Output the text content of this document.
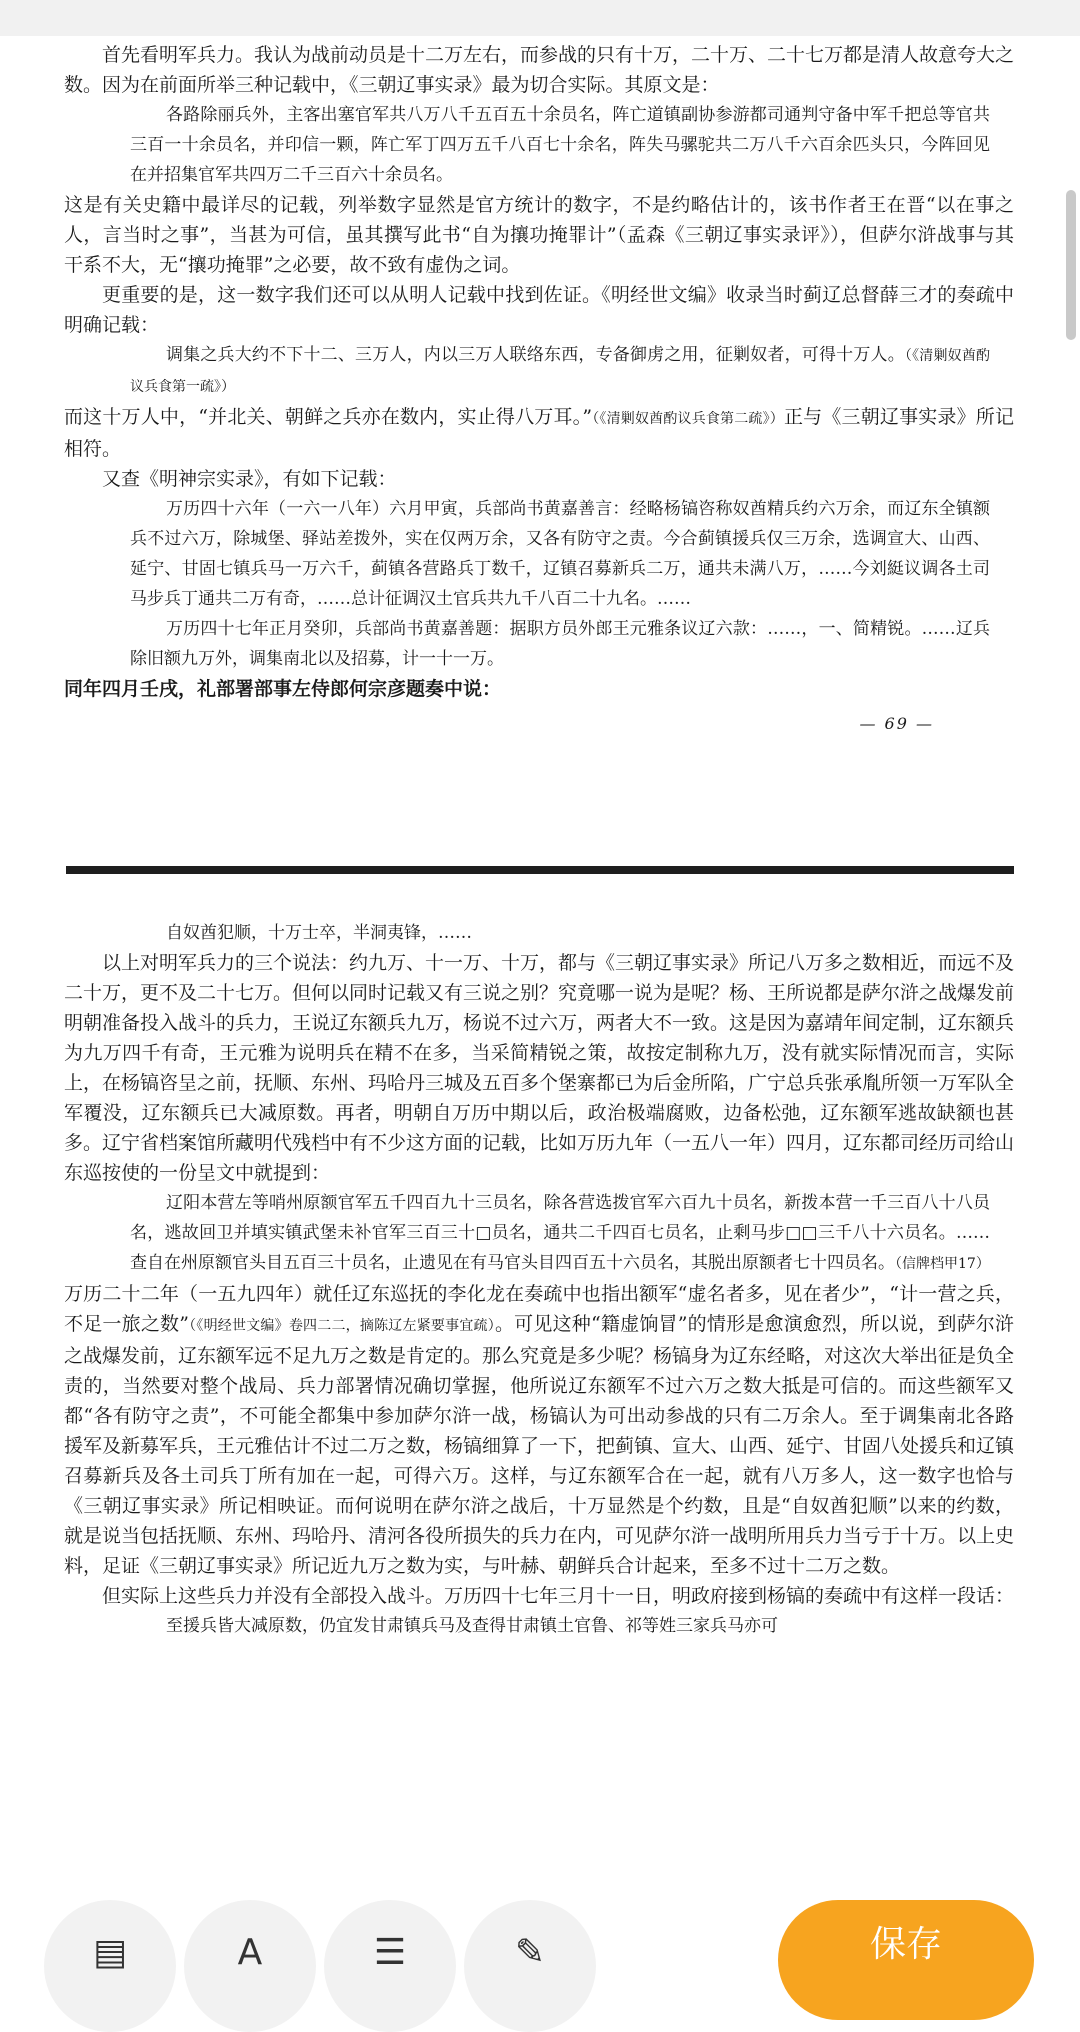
首先看明军兵力。我认为战前动员是十二万左右，而参战的只有十万，二十万、二十七万都是清人故意夸大之数。因为在前面所举三种记载中，《三朝辽事实录》最为切合实际。其原文是：

各路除丽兵外，主客出塞官军共八万八千五百五十余员名，阵亡道镇副协参游都司通判守备中军千把总等官共三百一十余员名，并印信一颗，阵亡军丁四万五千八百七十余名，阵失马骡驼共二万八千六百余匹头只，今阵回见在并招集官军共四万二千三百六十余员名。

这是有关史籍中最详尽的记载，列举数字显然是官方统计的数字，不是约略估计的，该书作者王在晋“以在事之人，言当时之事”，当甚为可信，虽其撰写此书“自为攘功掩罪计”（孟森《三朝辽事实录评》），但萨尔浒战事与其干系不大，无“攘功掩罪”之必要，故不致有虚伪之词。

更重要的是，这一数字我们还可以从明人记载中找到佐证。《明经世文编》收录当时蓟辽总督薛三才的奏疏中明确记载：

调集之兵大约不下十二、三万人，内以三万人联络东西，专备御虏之用，征剿奴者，可得十万人。（《清剿奴酋酌议兵食第一疏》）

而这十万人中，“并北关、朝鲜之兵亦在数内，实止得八万耳。”（《清剿奴酋酌议兵食第二疏》）正与《三朝辽事实录》所记相符。

又查《明神宗实录》，有如下记载：

万历四十六年（一六一八年）六月甲寅，兵部尚书黄嘉善言：经略杨镐咨称奴酋精兵约六万余，而辽东全镇额兵不过六万，除城堡、驿站差拨外，实在仅两万余，又各有防守之责。今合蓟镇援兵仅三万余，选调宣大、山西、延宁、甘固七镇兵马一万六千，蓟镇各营路兵丁数千，辽镇召募新兵二万，通共未满八万，……今刘綎议调各土司马步兵丁通共二万有奇，……总计征调汉土官兵共九千八百二十九名。……

万历四十七年正月癸卯，兵部尚书黄嘉善题：据职方员外郎王元雅条议辽六款：……，一、简精锐。……辽兵除旧额九万外，调集南北以及招募，计一十一万。

同年四月壬戌，礼部署部事左侍郎何宗彦题奏中说：

— 69 —

自奴酋犯顺，十万士卒，半洞夷锋，……

以上对明军兵力的三个说法：约九万、十一万、十万，都与《三朝辽事实录》所记八万多之数相近，而远不及二十万，更不及二十七万。但何以同时记载又有三说之别？究竟哪一说为是呢？杨、王所说都是萨尔浒之战爆发前明朝准备投入战斗的兵力，王说辽东额兵九万，杨说不过六万，两者大不一致。这是因为嘉靖年间定制，辽东额兵为九万四千有奇，王元雅为说明兵在精不在多，当采简精锐之策，故按定制称九万，没有就实际情况而言，实际上，在杨镐咨呈之前，抚顺、东州、玛哈丹三城及五百多个堡寨都已为后金所陷，广宁总兵张承胤所领一万军队全军覆没，辽东额兵已大减原数。再者，明朝自万历中期以后，政治极端腐败，边备松弛，辽东额军逃故缺额也甚多。辽宁省档案馆所藏明代残档中有不少这方面的记载，比如万历九年（一五八一年）四月，辽东都司经历司给山东巡按使的一份呈文中就提到：

辽阳本营左等哨州原额官军五千四百九十三员名，除各营选拨官军六百九十员名，新拨本营一千三百八十八员名，逃故回卫并填实镇武堡未补官军三百三十□员名，通共二千四百七员名，止剩马步□□三千八十六员名。……查自在州原额官头目五百三十员名，止遗见在有马官头目四百五十六员名，其脱出原额者七十四员名。（信牌档甲17）

万历二十二年（一五九四年）就任辽东巡抚的李化龙在奏疏中也指出额军“虚名者多，见在者少”，“计一营之兵，不足一旅之数”（《明经世文编》卷四二二，摘陈辽左紧要事宜疏）。可见这种“籍虚饷冒”的情形是愈演愈烈，所以说，到萨尔浒之战爆发前，辽东额军远不足九万之数是肯定的。那么究竟是多少呢？杨镐身为辽东经略，对这次大举出征是负全责的，当然要对整个战局、兵力部署情况确切掌握，他所说辽东额军不过六万之数大抵是可信的。而这些额军又都“各有防守之责”，不可能全都集中参加萨尔浒一战，杨镐认为可出动参战的只有二万余人。至于调集南北各路援军及新募军兵，王元雅估计不过二万之数，杨镐细算了一下，把蓟镇、宣大、山西、延宁、甘固八处援兵和辽镇召募新兵及各土司兵丁所有加在一起，可得六万。这样，与辽东额军合在一起，就有八万多人，这一数字也恰与《三朝辽事实录》所记相映证。而何说明在萨尔浒之战后，十万显然是个约数，且是“自奴酋犯顺”以来的约数，就是说当包括抚顺、东州、玛哈丹、清河各役所损失的兵力在内，可见萨尔浒一战明所用兵力当亏于十万。以上史料，足证《三朝辽事实录》所记近九万之数为实，与叶赫、朝鲜兵合计起来，至多不过十二万之数。

但实际上这些兵力并没有全部投入战斗。万历四十七年三月十一日，明政府接到杨镐的奏疏中有这样一段话：

至援兵皆大减原数，仍宜发甘肃镇兵马及查得甘肃镇土官鲁、祁等姓三家兵马亦可

▤	A	☰	✎	保存
